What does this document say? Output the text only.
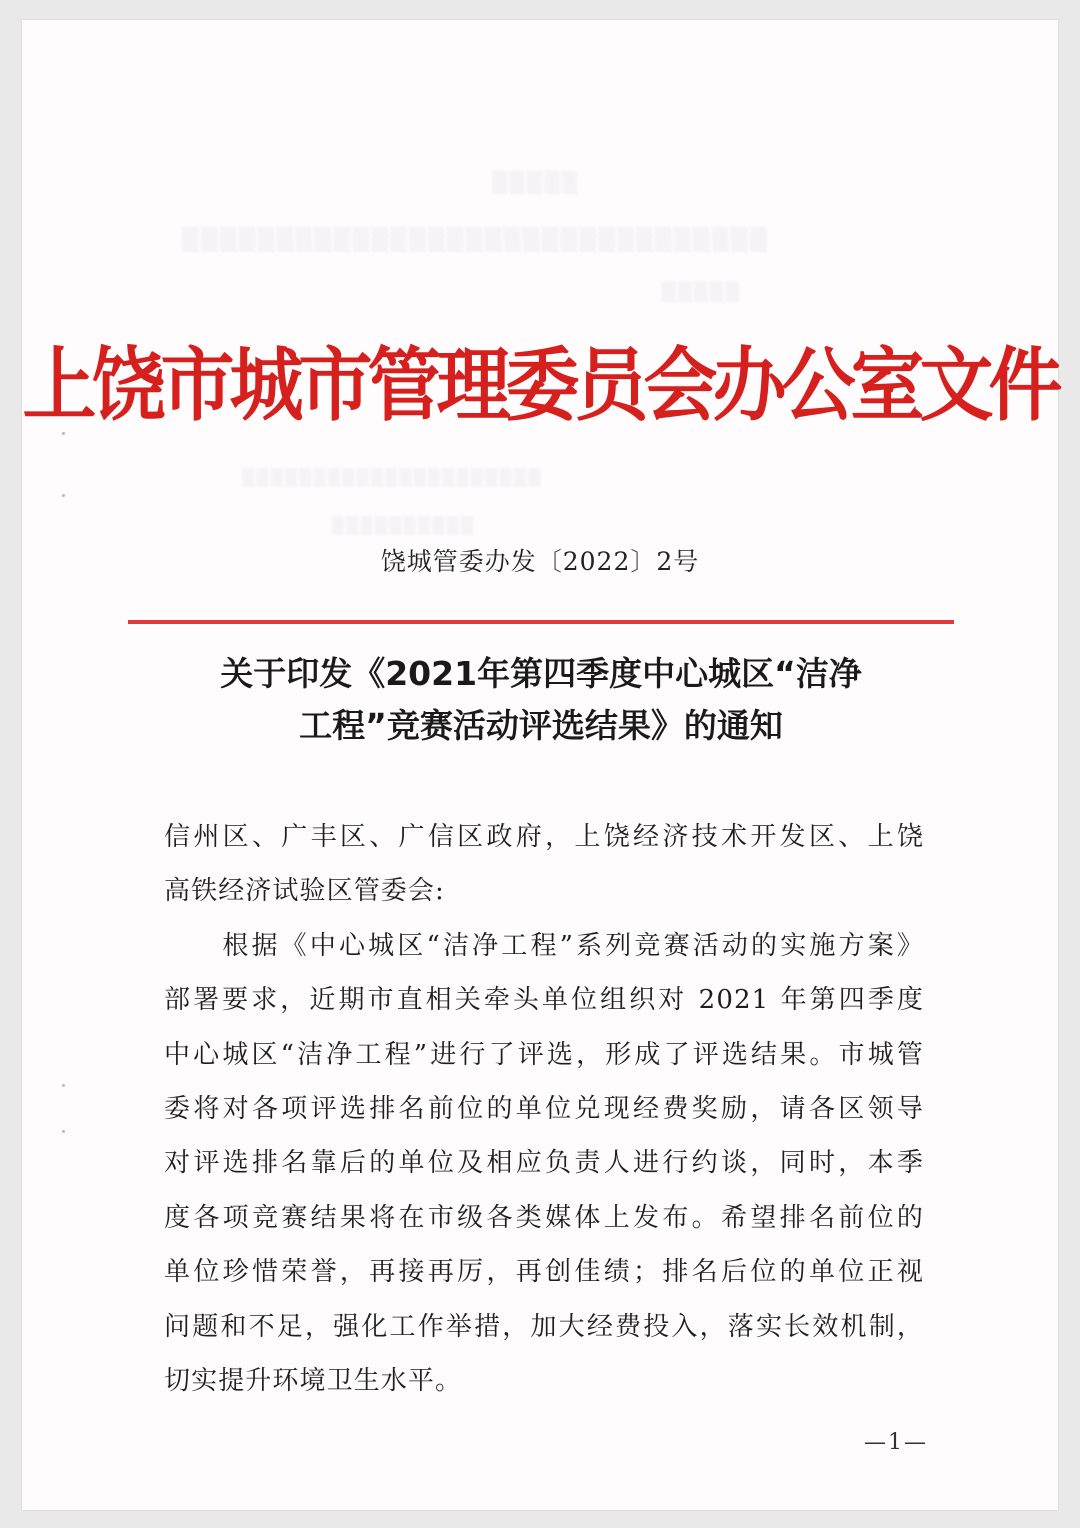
▒▒▒▒▒
▒▒▒▒▒▒▒▒▒▒▒▒▒▒▒▒▒▒▒▒▒▒▒▒▒▒▒▒▒▒▒
▒▒▒▒▒
▒▒▒▒▒▒▒▒▒▒▒▒▒▒▒▒▒▒▒▒▒
▒▒▒▒▒▒▒▒▒▒
上饶市城市管理委员会办公室文件
饶城管委办发〔2022〕2号
关于印发《2021年第四季度中心城区“洁净
工程”竞赛活动评选结果》的通知
信州区、广丰区、广信区政府，上饶经济技术开发区、上饶
高铁经济试验区管委会:
　　根据《中心城区“洁净工程”系列竞赛活动的实施方案》
部署要求，近期市直相关牵头单位组织对 2021 年第四季度
中心城区“洁净工程”进行了评选，形成了评选结果。市城管
委将对各项评选排名前位的单位兑现经费奖励，请各区领导
对评选排名靠后的单位及相应负责人进行约谈，同时，本季
度各项竞赛结果将在市级各类媒体上发布。希望排名前位的
单位珍惜荣誉，再接再厉，再创佳绩；排名后位的单位正视
问题和不足，强化工作举措，加大经费投入，落实长效机制，
切实提升环境卫生水平。
—1—
